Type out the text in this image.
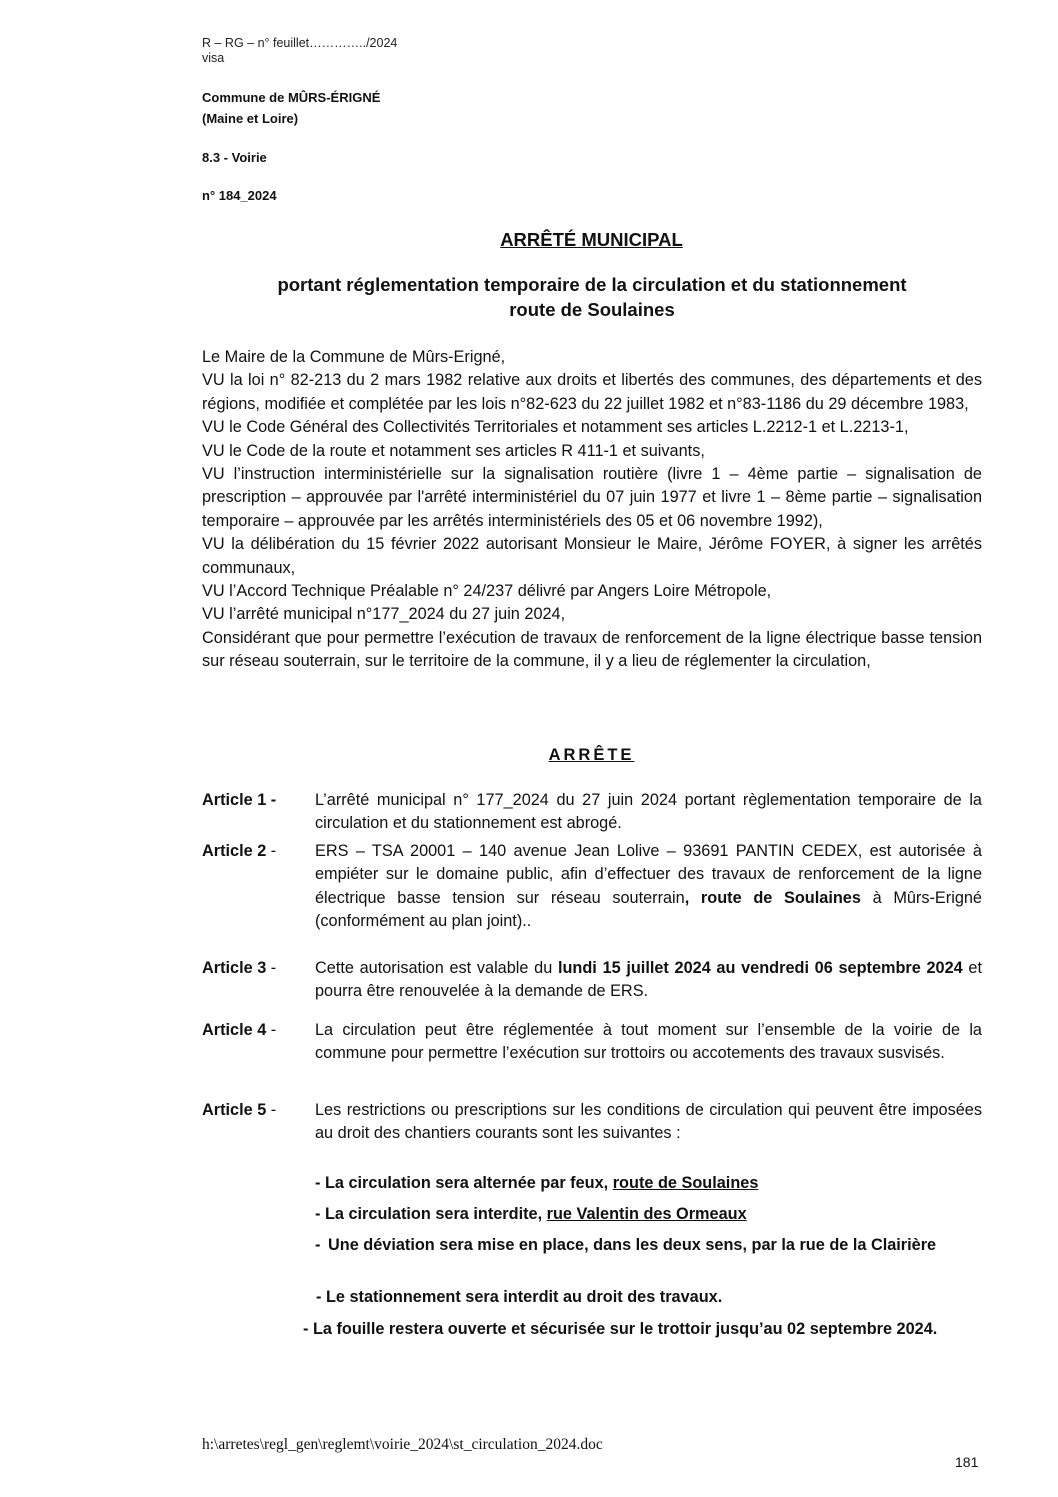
R – RG – n° feuillet…………../2024
visa
Commune de MÛRS-ÉRIGNÉ
(Maine et Loire)
8.3 - Voirie
n° 184_2024
ARRÊTÉ MUNICIPAL
portant réglementation temporaire de la circulation et du stationnement
route de Soulaines

Le Maire de la Commune de Mûrs-Erigné,

VU la loi n° 82-213 du 2 mars 1982 relative aux droits et libertés des communes, des départements et des régions, modifiée et complétée par les lois n°82-623 du 22 juillet 1982 et n°83-1186 du 29 décembre 1983,

VU le Code Général des Collectivités Territoriales et notamment ses articles L.2212-1 et L.2213-1,

VU le Code de la route et notamment ses articles R 411-1 et suivants,

VU l’instruction interministérielle sur la signalisation routière (livre 1 – 4ème partie – signalisation de prescription – approuvée par l'arrêté interministériel du 07 juin 1977 et livre 1 – 8ème partie – signalisation temporaire – approuvée par les arrêtés interministériels des 05 et 06 novembre 1992),

VU la délibération du 15 février 2022 autorisant Monsieur le Maire, Jérôme FOYER, à signer les arrêtés communaux,

VU l’Accord Technique Préalable n° 24/237 délivré par Angers Loire Métropole,

VU l’arrêté municipal n°177_2024 du 27 juin 2024,

Considérant que pour permettre l’exécution de travaux de renforcement de la ligne électrique basse tension sur réseau souterrain, sur le territoire de la commune, il y a lieu de réglementer la circulation,

ARRÊTE
Article 1 - L’arrêté municipal n° 177_2024 du 27 juin 2024 portant règlementation temporaire de la circulation et du stationnement est abrogé.
Article 2 - ERS – TSA 20001 – 140 avenue Jean Lolive – 93691 PANTIN CEDEX, est autorisée à empiéter sur le domaine public, afin d’effectuer des travaux de renforcement de la ligne électrique basse tension sur réseau souterrain, route de Soulaines à Mûrs-Erigné (conformément au plan joint)..
Article 3 - Cette autorisation est valable du lundi 15 juillet 2024 au vendredi 06 septembre 2024 et pourra être renouvelée à la demande de ERS.
Article 4 - La circulation peut être réglementée à tout moment sur l’ensemble de la voirie de la commune pour permettre l’exécution sur trottoirs ou accotements des travaux susvisés.
Article 5 - Les restrictions ou prescriptions sur les conditions de circulation qui peuvent être imposées au droit des chantiers courants sont les suivantes :
- La circulation sera alternée par feux, route de Soulaines
- La circulation sera interdite, rue Valentin des Ormeaux
- Une déviation sera mise en place, dans les deux sens, par la rue de la Clairière
- Le stationnement sera interdit au droit des travaux.
- La fouille restera ouverte et sécurisée sur le trottoir jusqu’au 02 septembre 2024.
h:\arretes\regl_gen\reglemt\voirie_2024\st_circulation_2024.doc
181
